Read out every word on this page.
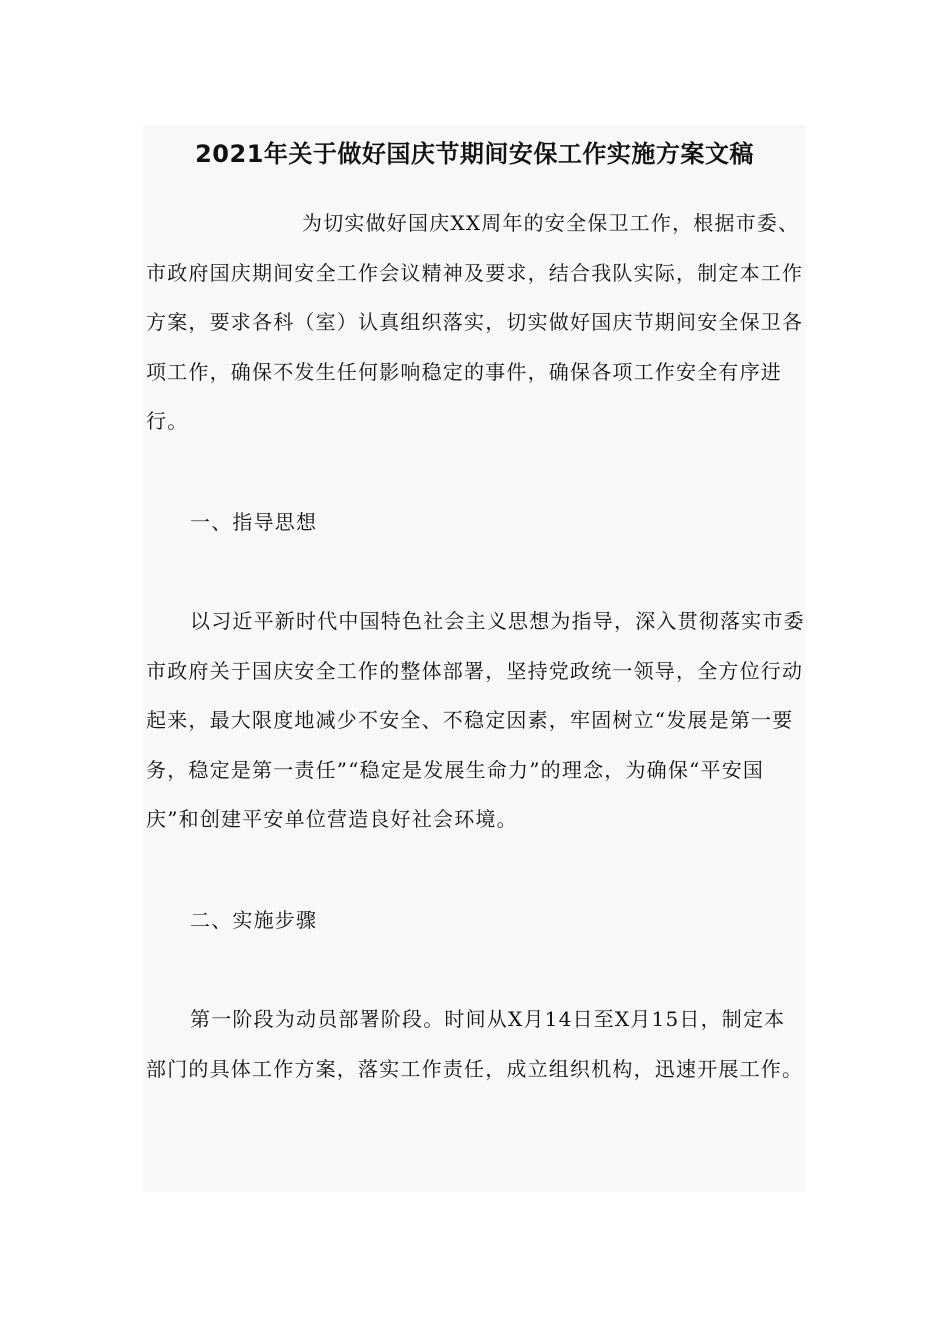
2021年关于做好国庆节期间安保工作实施方案文稿

为切实做好国庆XX周年的安全保卫工作，根据市委、市政府国庆期间安全工作会议精神及要求，结合我队实际，制定本工作方案，要求各科（室）认真组织落实，切实做好国庆节期间安全保卫各项工作，确保不发生任何影响稳定的事件，确保各项工作安全有序进行。

一、指导思想

以习近平新时代中国特色社会主义思想为指导，深入贯彻落实市委市政府关于国庆安全工作的整体部署，坚持党政统一领导，全方位行动起来，最大限度地减少不安全、不稳定因素，牢固树立“发展是第一要务，稳定是第一责任”“稳定是发展生命力”的理念，为确保“平安国庆”和创建平安单位营造良好社会环境。

二、实施步骤

第一阶段为动员部署阶段。时间从X月14日至X月15日，制定本部门的具体工作方案，落实工作责任，成立组织机构，迅速开展工作。
